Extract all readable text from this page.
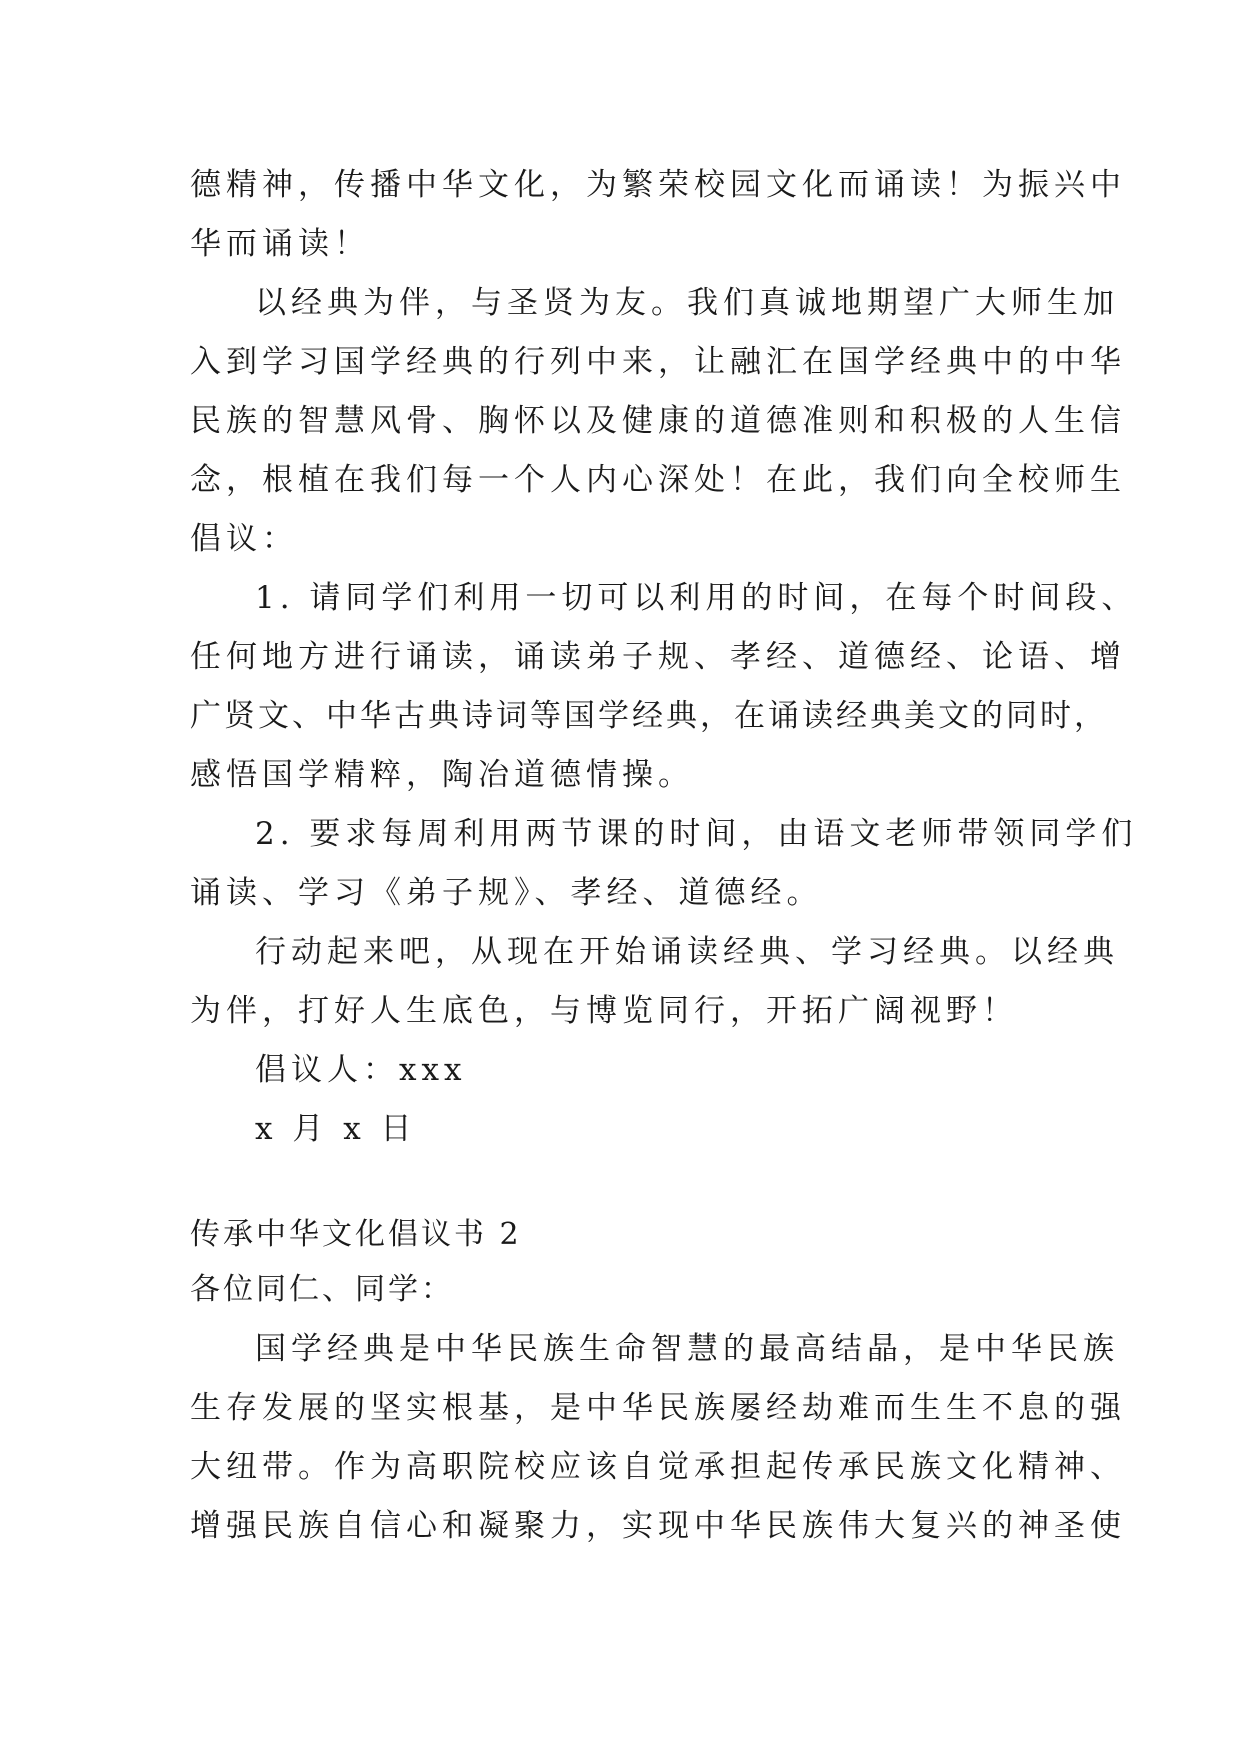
德精神，传播中华文化，为繁荣校园文化而诵读！为振兴中
华而诵读！
以经典为伴，与圣贤为友。我们真诚地期望广大师生加
入到学习国学经典的行列中来，让融汇在国学经典中的中华
民族的智慧风骨、胸怀以及健康的道德准则和积极的人生信
念，根植在我们每一个人内心深处！在此，我们向全校师生
倡议：
1. 请同学们利用一切可以利用的时间，在每个时间段、
任何地方进行诵读，诵读弟子规、孝经、道德经、论语、增
广贤文、中华古典诗词等国学经典，在诵读经典美文的同时，
感悟国学精粹，陶冶道德情操。
2. 要求每周利用两节课的时间，由语文老师带领同学们
诵读、学习《弟子规》、孝经、道德经。
行动起来吧，从现在开始诵读经典、学习经典。以经典
为伴，打好人生底色，与博览同行，开拓广阔视野！
倡议人：xxx
x 月 x 日
传承中华文化倡议书 2
各位同仁、同学：
国学经典是中华民族生命智慧的最高结晶，是中华民族
生存发展的坚实根基，是中华民族屡经劫难而生生不息的强
大纽带。作为高职院校应该自觉承担起传承民族文化精神、
增强民族自信心和凝聚力，实现中华民族伟大复兴的神圣使
